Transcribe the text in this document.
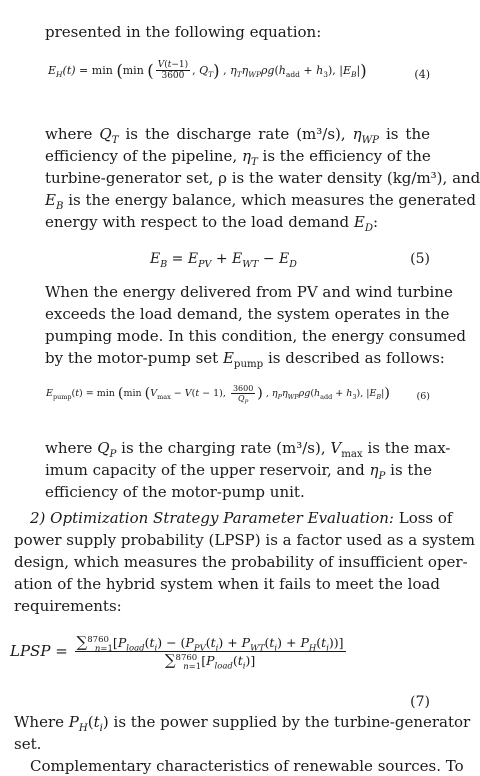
presented in the following equation:
$E_H(t) = \min (\min$ ( $\frac{V(t-1)}{3600}$ , $Q_T$) , $\eta_T\eta_{WP}\rho g(h_{add} + h_3)$, $|E_B|$)	(4)
where $Q_T$ is the discharge rate (m³/s), $\eta_{WP}$ is the
efficiency of the pipeline, $\eta_T$ is the efficiency of the
turbine-generator set, ρ is the water density (kg/m³), and
$E_B$ is the energy balance, which measures the generated
energy with respect to the load demand $E_D$:
$E_B = E_{PV} + E_{WT} - E_D$	(5)
When the energy delivered from PV and wind turbine
exceeds the load demand, the system operates in the
pumping mode. In this condition, the energy consumed
by the motor-pump set $E_{pump}$ is described as follows:
$E_{pump}(t) = \min (\min$ ($V_{max} - V(t - 1)$, $\frac{3600}{Q_P}$ ) , $\eta_P\eta_{WP}\rho g(h_{add} + h_3)$, $|E_B|$)	(6)
where $Q_P$ is the charging rate (m³/s), $V_{max}$ is the max-
imum capacity of the upper reservoir, and $\eta_P$ is the
efficiency of the motor-pump unit.
2) Optimization Strategy Parameter Evaluation: Loss of
power supply probability (LPSP) is a factor used as a system
design, which measures the probability of insufficient oper-
ation of the hybrid system when it fails to meet the load
requirements:
LPSP = $\frac{\sum^{8760}_{n=1}[P_{load}(t_i) - (P_{PV}(t_i) + P_{WT}(t_i) + P_H(t_i))]}{\sum^{8760}_{n=1}[P_{load}(t_i)]}$
(7)
Where $P_H(t_i)$ is the power supplied by the turbine-generator
set.
Complementary characteristics of renewable sources. To
